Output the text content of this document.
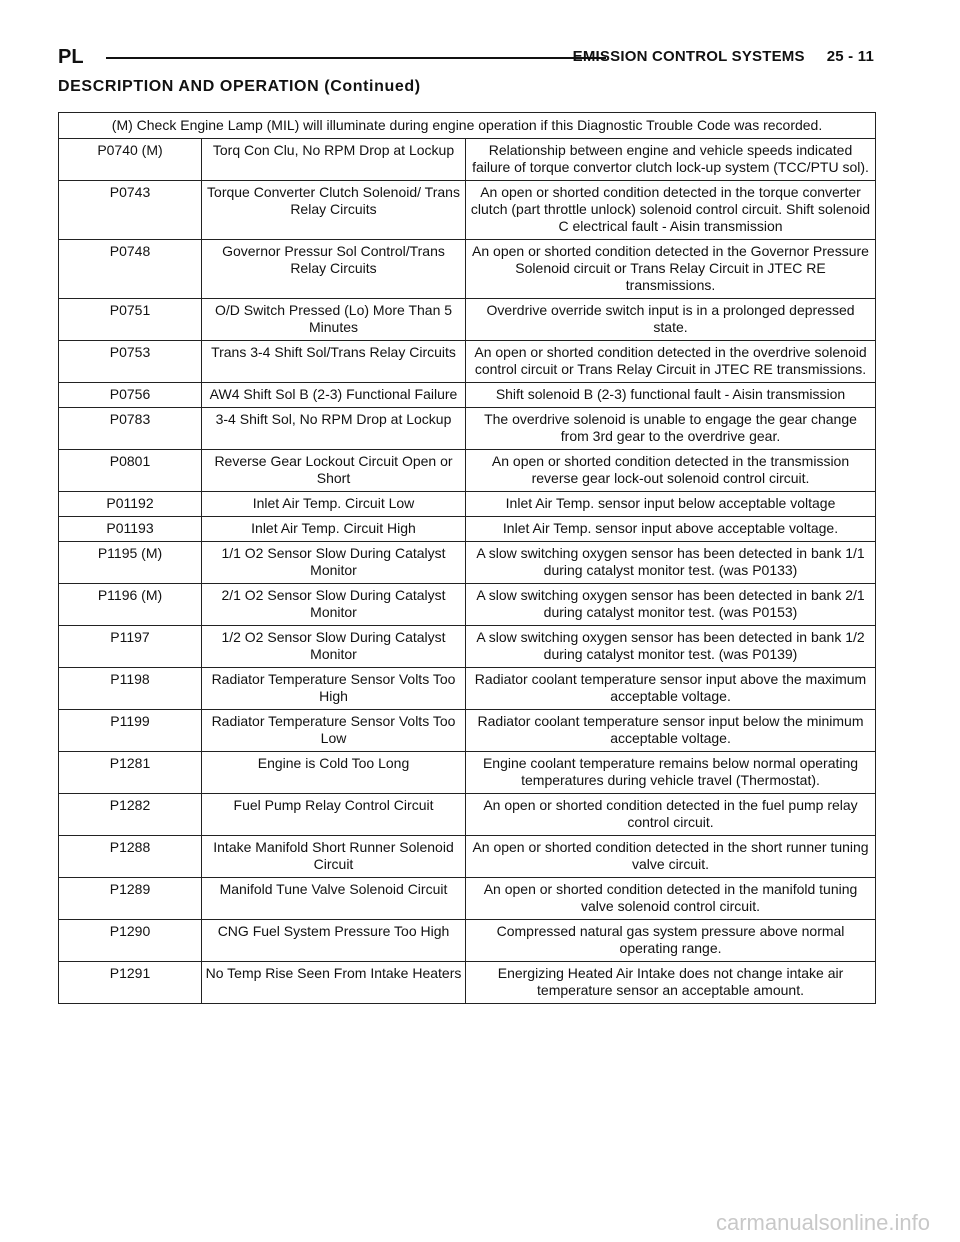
PL	EMISSION CONTROL SYSTEMS 25 - 11
DESCRIPTION AND OPERATION (Continued)
(M) Check Engine Lamp (MIL) will illuminate during engine operation if this Diagnostic Trouble Code was recorded.		
P0740 (M)	Torq Con Clu, No RPM Drop at Lockup	Relationship between engine and vehicle speeds indicated failure of torque convertor clutch lock-up system (TCC/PTU sol).
P0743	Torque Converter Clutch Solenoid/ Trans Relay Circuits	An open or shorted condition detected in the torque converter clutch (part throttle unlock) solenoid control circuit. Shift solenoid C electrical fault - Aisin transmission
P0748	Governor Pressur Sol Control/Trans Relay Circuits	An open or shorted condition detected in the Governor Pressure Solenoid circuit or Trans Relay Circuit in JTEC RE transmissions.
P0751	O/D Switch Pressed (Lo) More Than 5 Minutes	Overdrive override switch input is in a prolonged depressed state.
P0753	Trans 3-4 Shift Sol/Trans Relay Circuits	An open or shorted condition detected in the overdrive solenoid control circuit or Trans Relay Circuit in JTEC RE transmissions.
P0756	AW4 Shift Sol B (2-3) Functional Failure	Shift solenoid B (2-3) functional fault - Aisin transmission
P0783	3-4 Shift Sol, No RPM Drop at Lockup	The overdrive solenoid is unable to engage the gear change from 3rd gear to the overdrive gear.
P0801	Reverse Gear Lockout Circuit Open or Short	An open or shorted condition detected in the transmission reverse gear lock-out solenoid control circuit.
P01192	Inlet Air Temp. Circuit Low	Inlet Air Temp. sensor input below acceptable voltage
P01193	Inlet Air Temp. Circuit High	Inlet Air Temp. sensor input above acceptable voltage.
P1195 (M)	1/1 O2 Sensor Slow During Catalyst Monitor	A slow switching oxygen sensor has been detected in bank 1/1 during catalyst monitor test. (was P0133)
P1196 (M)	2/1 O2 Sensor Slow During Catalyst Monitor	A slow switching oxygen sensor has been detected in bank 2/1 during catalyst monitor test. (was P0153)
P1197	1/2 O2 Sensor Slow During Catalyst Monitor	A slow switching oxygen sensor has been detected in bank 1/2 during catalyst monitor test. (was P0139)
P1198	Radiator Temperature Sensor Volts Too High	Radiator coolant temperature sensor input above the maximum acceptable voltage.
P1199	Radiator Temperature Sensor Volts Too Low	Radiator coolant temperature sensor input below the minimum acceptable voltage.
P1281	Engine is Cold Too Long	Engine coolant temperature remains below normal operating temperatures during vehicle travel (Thermostat).
P1282	Fuel Pump Relay Control Circuit	An open or shorted condition detected in the fuel pump relay control circuit.
P1288	Intake Manifold Short Runner Solenoid Circuit	An open or shorted condition detected in the short runner tuning valve circuit.
P1289	Manifold Tune Valve Solenoid Circuit	An open or shorted condition detected in the manifold tuning valve solenoid control circuit.
P1290	CNG Fuel System Pressure Too High	Compressed natural gas system pressure above normal operating range.
P1291	No Temp Rise Seen From Intake Heaters	Energizing Heated Air Intake does not change intake air temperature sensor an acceptable amount.
carmanualsonline.info
